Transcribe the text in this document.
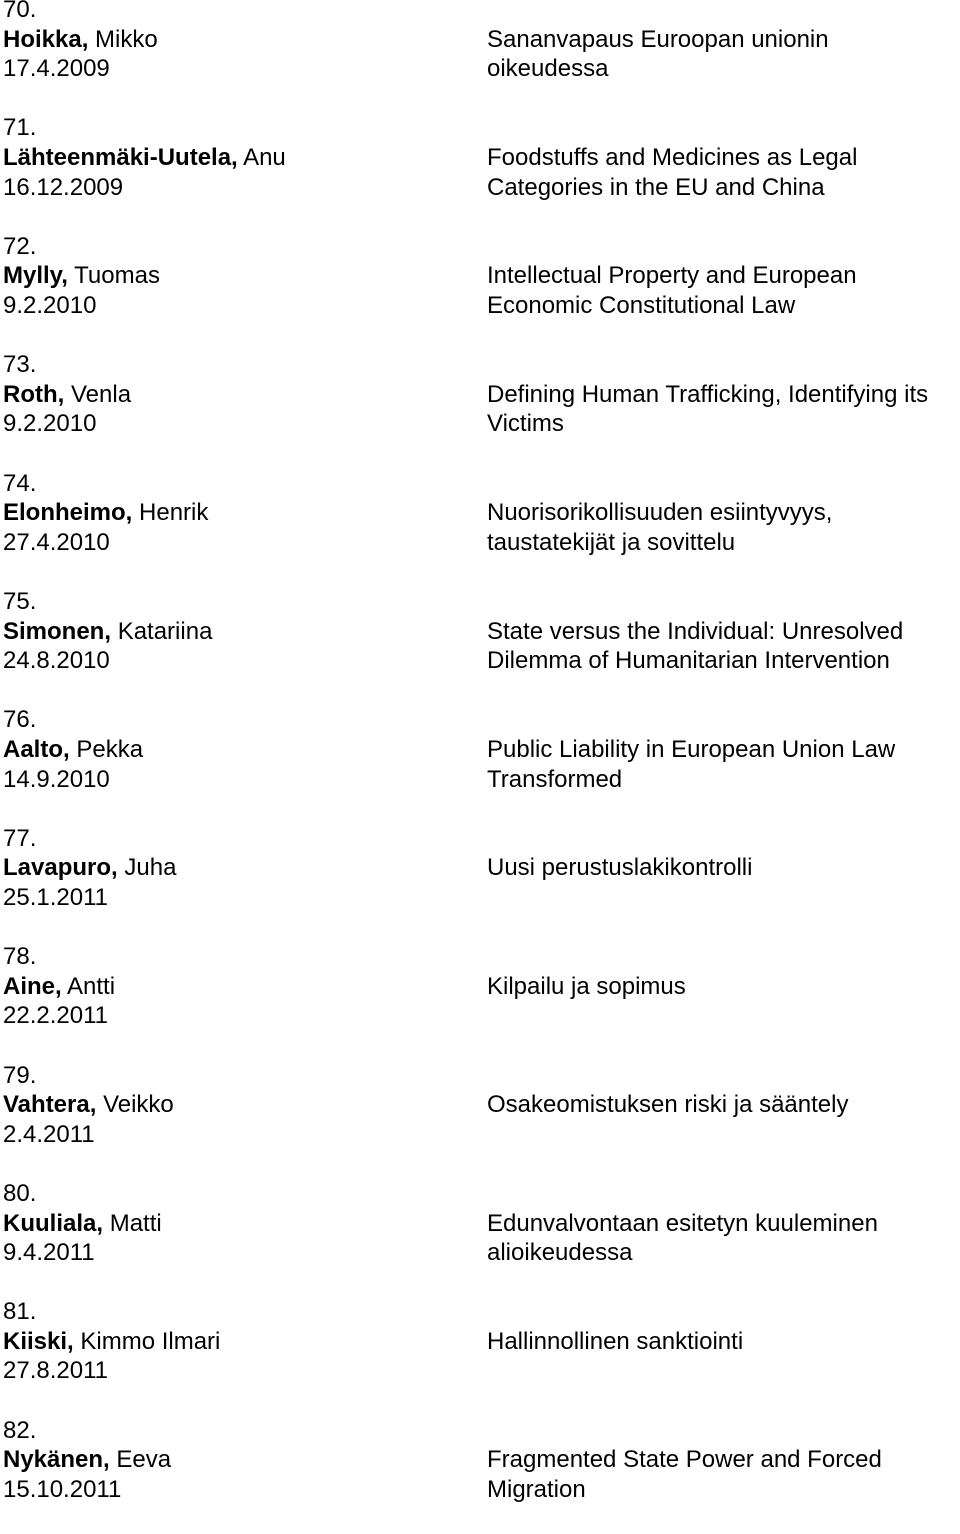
70.
Hoikka, Mikko
17.4.2009
Sananvapaus Euroopan unionin
oikeudessa
71.
Lähteenmäki-Uutela, Anu
16.12.2009
Foodstuffs and Medicines as Legal
Categories in the EU and China
72.
Mylly, Tuomas
9.2.2010
Intellectual Property and European
Economic Constitutional Law
73.
Roth, Venla
9.2.2010
Defining Human Trafficking, Identifying its
Victims
74.
Elonheimo, Henrik
27.4.2010
Nuorisorikollisuuden esiintyvyys,
taustatekijät ja sovittelu
75.
Simonen, Katariina
24.8.2010
State versus the Individual: Unresolved
Dilemma of Humanitarian Intervention
76.
Aalto, Pekka
14.9.2010
Public Liability in European Union Law
Transformed
77.
Lavapuro, Juha
25.1.2011
Uusi perustuslakikontrolli
78.
Aine, Antti
22.2.2011
Kilpailu ja sopimus
79.
Vahtera, Veikko
2.4.2011
Osakeomistuksen riski ja sääntely
80.
Kuuliala, Matti
9.4.2011
Edunvalvontaan esitetyn kuuleminen
alioikeudessa
81.
Kiiski, Kimmo Ilmari
27.8.2011
Hallinnollinen sanktiointi
82.
Nykänen, Eeva
15.10.2011
Fragmented State Power and Forced
Migration
